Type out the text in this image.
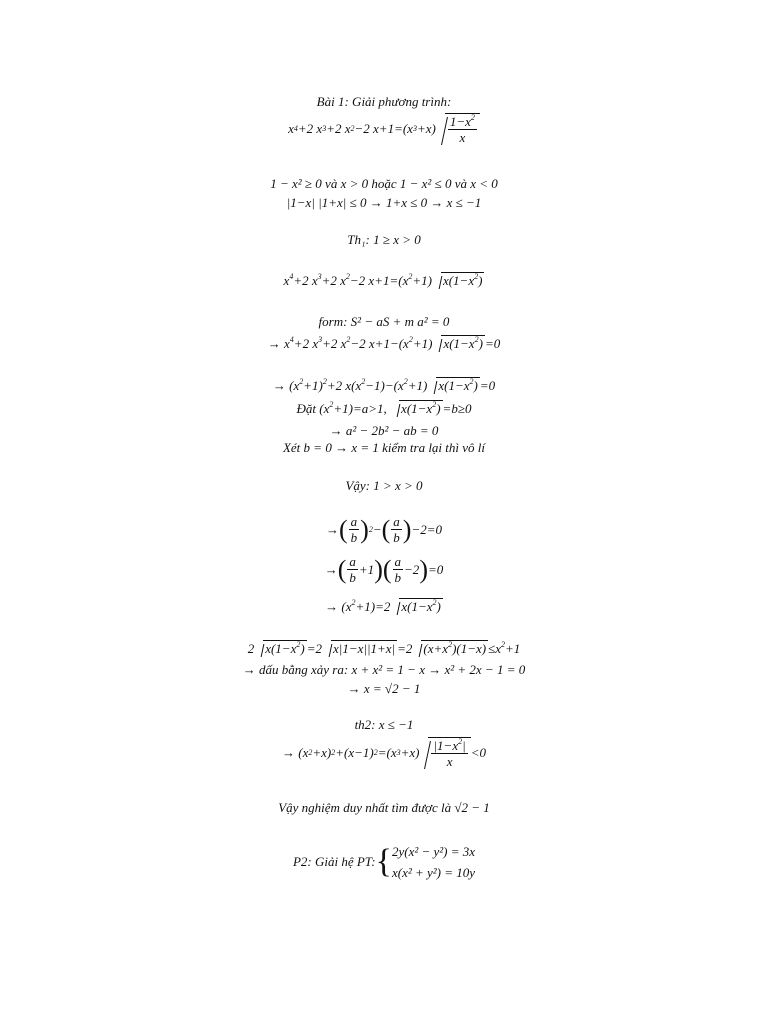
Bài 1: Giải phương trình:
x 4 +2 x 3 +2 x 2 −2 x+1=(x $3 +x) \frac{1-x^2}{x}$
1 − x² ≥ 0 và x > 0 hoặc 1 − x² ≤ 0 và x < 0
|1−x| |1+x| ≤ 0 → 1+x ≤ 0 → x ≤ −1
Th₁: 1 ≥ x > 0
$x^4+2$ $x^3+2$ $x^2-2$ $x+1=(x^2+1)$ $x(1-x^2)$
form: S² − aS + m a² = 0
→ $x^4+2$ $x^3+2$ $x^2-2$ $x+1-(x^2+1)$ $x(1-x^2) =0$
→ $(x^2+1)^2+2$ $x(x^2-1)-(x^2+1)$ $x(1-x^2) =0$
Đặt $(x^2+1)=a>1$, $x(1-x^2) =b\ge 0$
→ a² − 2b² − ab = 0
Xét b = 0 → x = 1 kiểm tra lại thì vô lí
Vậy: 1 > x > 0
→ ( $\frac{a}{b}$ ) 2 − ( $\frac{a}{b}$ ) −2=0
→ ( $\frac{a}{b} +1$ ) ( $\frac{a}{b} -2$ ) =0
→ $(x^2+1)=2$ $x(1-x^2)$
2 $x(1-x^2) =2$ x|1−x||1+x| =2 $(x+x^2)(1-x) \le x^2+1$
→ dấu bằng xảy ra: x + x² = 1 − x → x² + 2x − 1 = 0
→ x = √2 − 1
th2: x ≤ −1
→ (x 2 +x) 2 +(x−1) 2 =(x $3 +x) \frac{|1-x^2|}{x} <0$
Vậy nghiệm duy nhất tìm được là √2 − 1
P2: Giải hệ PT: { 2y(x² − y²) = 3x
x(x² + y²) = 10y
